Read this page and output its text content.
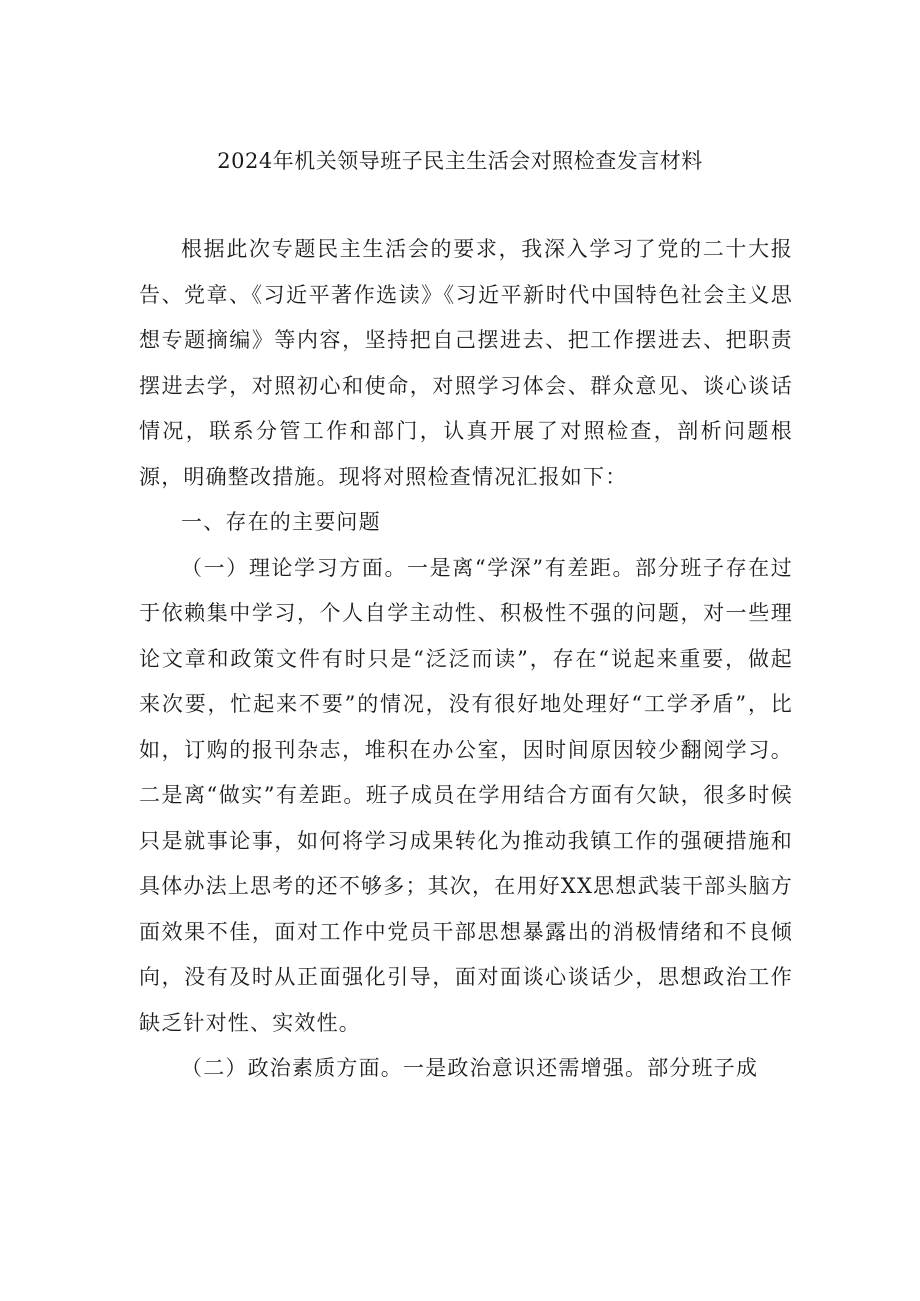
2024年机关领导班子民主生活会对照检查发言材料

根据此次专题民主生活会的要求，我深入学习了党的二十大报告、党章、《习近平著作选读》《习近平新时代中国特色社会主义思想专题摘编》等内容，坚持把自己摆进去、把工作摆进去、把职责摆进去学，对照初心和使命，对照学习体会、群众意见、谈心谈话情况，联系分管工作和部门，认真开展了对照检查，剖析问题根源，明确整改措施。现将对照检查情况汇报如下：

一、存在的主要问题

（一）理论学习方面。一是离“学深”有差距。部分班子存在过于依赖集中学习，个人自学主动性、积极性不强的问题，对一些理论文章和政策文件有时只是“泛泛而读”，存在“说起来重要，做起来次要，忙起来不要”的情况，没有很好地处理好“工学矛盾”，比如，订购的报刊杂志，堆积在办公室，因时间原因较少翻阅学习。二是离“做实”有差距。班子成员在学用结合方面有欠缺，很多时候只是就事论事，如何将学习成果转化为推动我镇工作的强硬措施和具体办法上思考的还不够多；其次，在用好XX思想武装干部头脑方面效果不佳，面对工作中党员干部思想暴露出的消极情绪和不良倾向，没有及时从正面强化引导，面对面谈心谈话少，思想政治工作缺乏针对性、实效性。

（二）政治素质方面。一是政治意识还需增强。部分班子成
